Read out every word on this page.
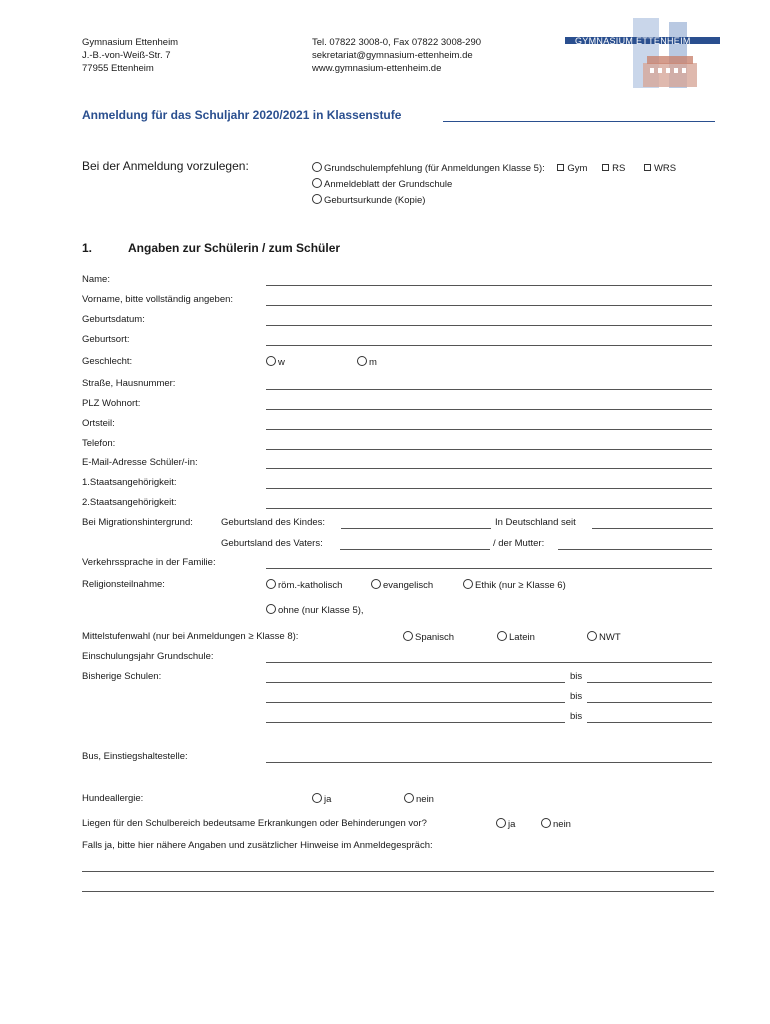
Gymnasium Ettenheim
J.-B.-von-Weiß-Str. 7
77955 Ettenheim
Tel. 07822 3008-0, Fax 07822 3008-290
sekretariat@gymnasium-ettenheim.de
www.gymnasium-ettenheim.de
GYMNASIUM ETTENHEIM
Anmeldung für das Schuljahr 2020/2021 in Klassenstufe
Bei der Anmeldung vorzulegen:	Grundschulempfehlung (für Anmeldungen Klasse 5): Gym	RS	WRS
Anmeldeblatt der Grundschule
Geburtsurkunde (Kopie)
1.	Angaben zur Schülerin / zum Schüler
Name:
Vorname, bitte vollständig angeben:
Geburtsdatum:
Geburtsort:
Geschlecht:	w	m
Straße, Hausnummer:
PLZ Wohnort:
Ortsteil:
Telefon:
E-Mail-Adresse Schüler/-in:
1.Staatsangehörigkeit:
2.Staatsangehörigkeit:
Bei Migrationshintergrund:	Geburtsland des Kindes:	In Deutschland seit
Geburtsland des Vaters:	/ der Mutter:
Verkehrssprache in der Familie:
Religionsteilnahme:	röm.-katholisch	evangelisch	Ethik (nur ≥ Klasse 6)
ohne (nur Klasse 5),
Mittelstufenwahl (nur bei Anmeldungen ≥ Klasse 8):	Spanisch	Latein	NWT
Einschulungsjahr Grundschule:
Bisherige Schulen:	bis
bis
bis
Bus, Einstiegshaltestelle:
Hundeallergie:	ja	nein
Liegen für den Schulbereich bedeutsame Erkrankungen oder Behinderungen vor?	ja	nein
Falls ja, bitte hier nähere Angaben und zusätzlicher Hinweise im Anmeldegespräch:
